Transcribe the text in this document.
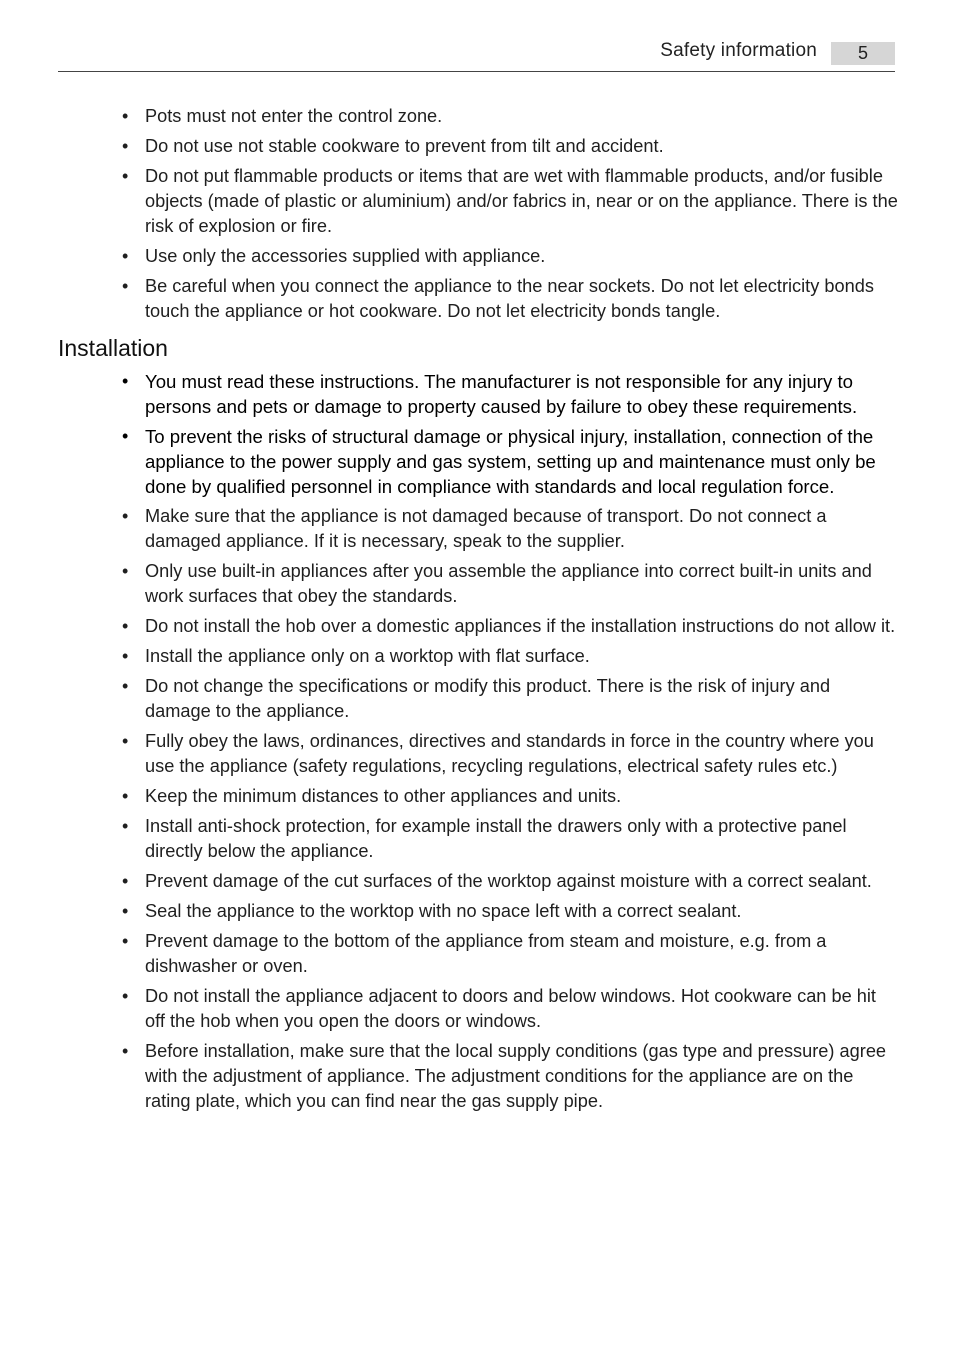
Safety information	5
• Pots must not enter the control zone.
• Do not use not stable cookware to prevent from tilt and accident.
• Do not put flammable products or items that are wet with flammable products, and/or fusible objects (made of plastic or aluminium) and/or fabrics in, near or on the appliance. There is the risk of explosion or fire.
• Use only the accessories supplied with appliance.
• Be careful when you connect the appliance to the near sockets. Do not let electricity bonds touch the appliance or hot cookware. Do not let electricity bonds tangle.
Installation
• You must read these instructions. The manufacturer is not responsible for any injury to persons and pets or damage to property caused by failure to obey these requirements.
• To prevent the risks of structural damage or physical injury, installation, connection of the appliance to the power supply and gas system, setting up and maintenance must only be done by qualified personnel in compliance with standards and local regulation force.
• Make sure that the appliance is not damaged because of transport. Do not connect a damaged appliance. If it is necessary, speak to the supplier.
• Only use built-in appliances after you assemble the appliance into correct built-in units and work surfaces that obey the standards.
• Do not install the hob over a domestic appliances if the installation instructions do not allow it.
• Install the appliance only on a worktop with flat surface.
• Do not change the specifications or modify this product. There is the risk of injury and damage to the appliance.
• Fully obey the laws, ordinances, directives and standards in force in the country where you use the appliance (safety regulations, recycling regulations, electrical safety rules etc.)
• Keep the minimum distances to other appliances and units.
• Install anti-shock protection, for example install the drawers only with a protective panel directly below the appliance.
• Prevent damage of the cut surfaces of the worktop against moisture with a correct sealant.
• Seal the appliance to the worktop with no space left with a correct sealant.
• Prevent damage to the bottom of the appliance from steam and moisture, e.g. from a dishwasher or oven.
• Do not install the appliance adjacent to doors and below windows. Hot cookware can be hit off the hob when you open the doors or windows.
• Before installation, make sure that the local supply conditions (gas type and pressure) agree with the adjustment of appliance. The adjustment conditions for the appliance are on the rating plate, which you can find near the gas supply pipe.
